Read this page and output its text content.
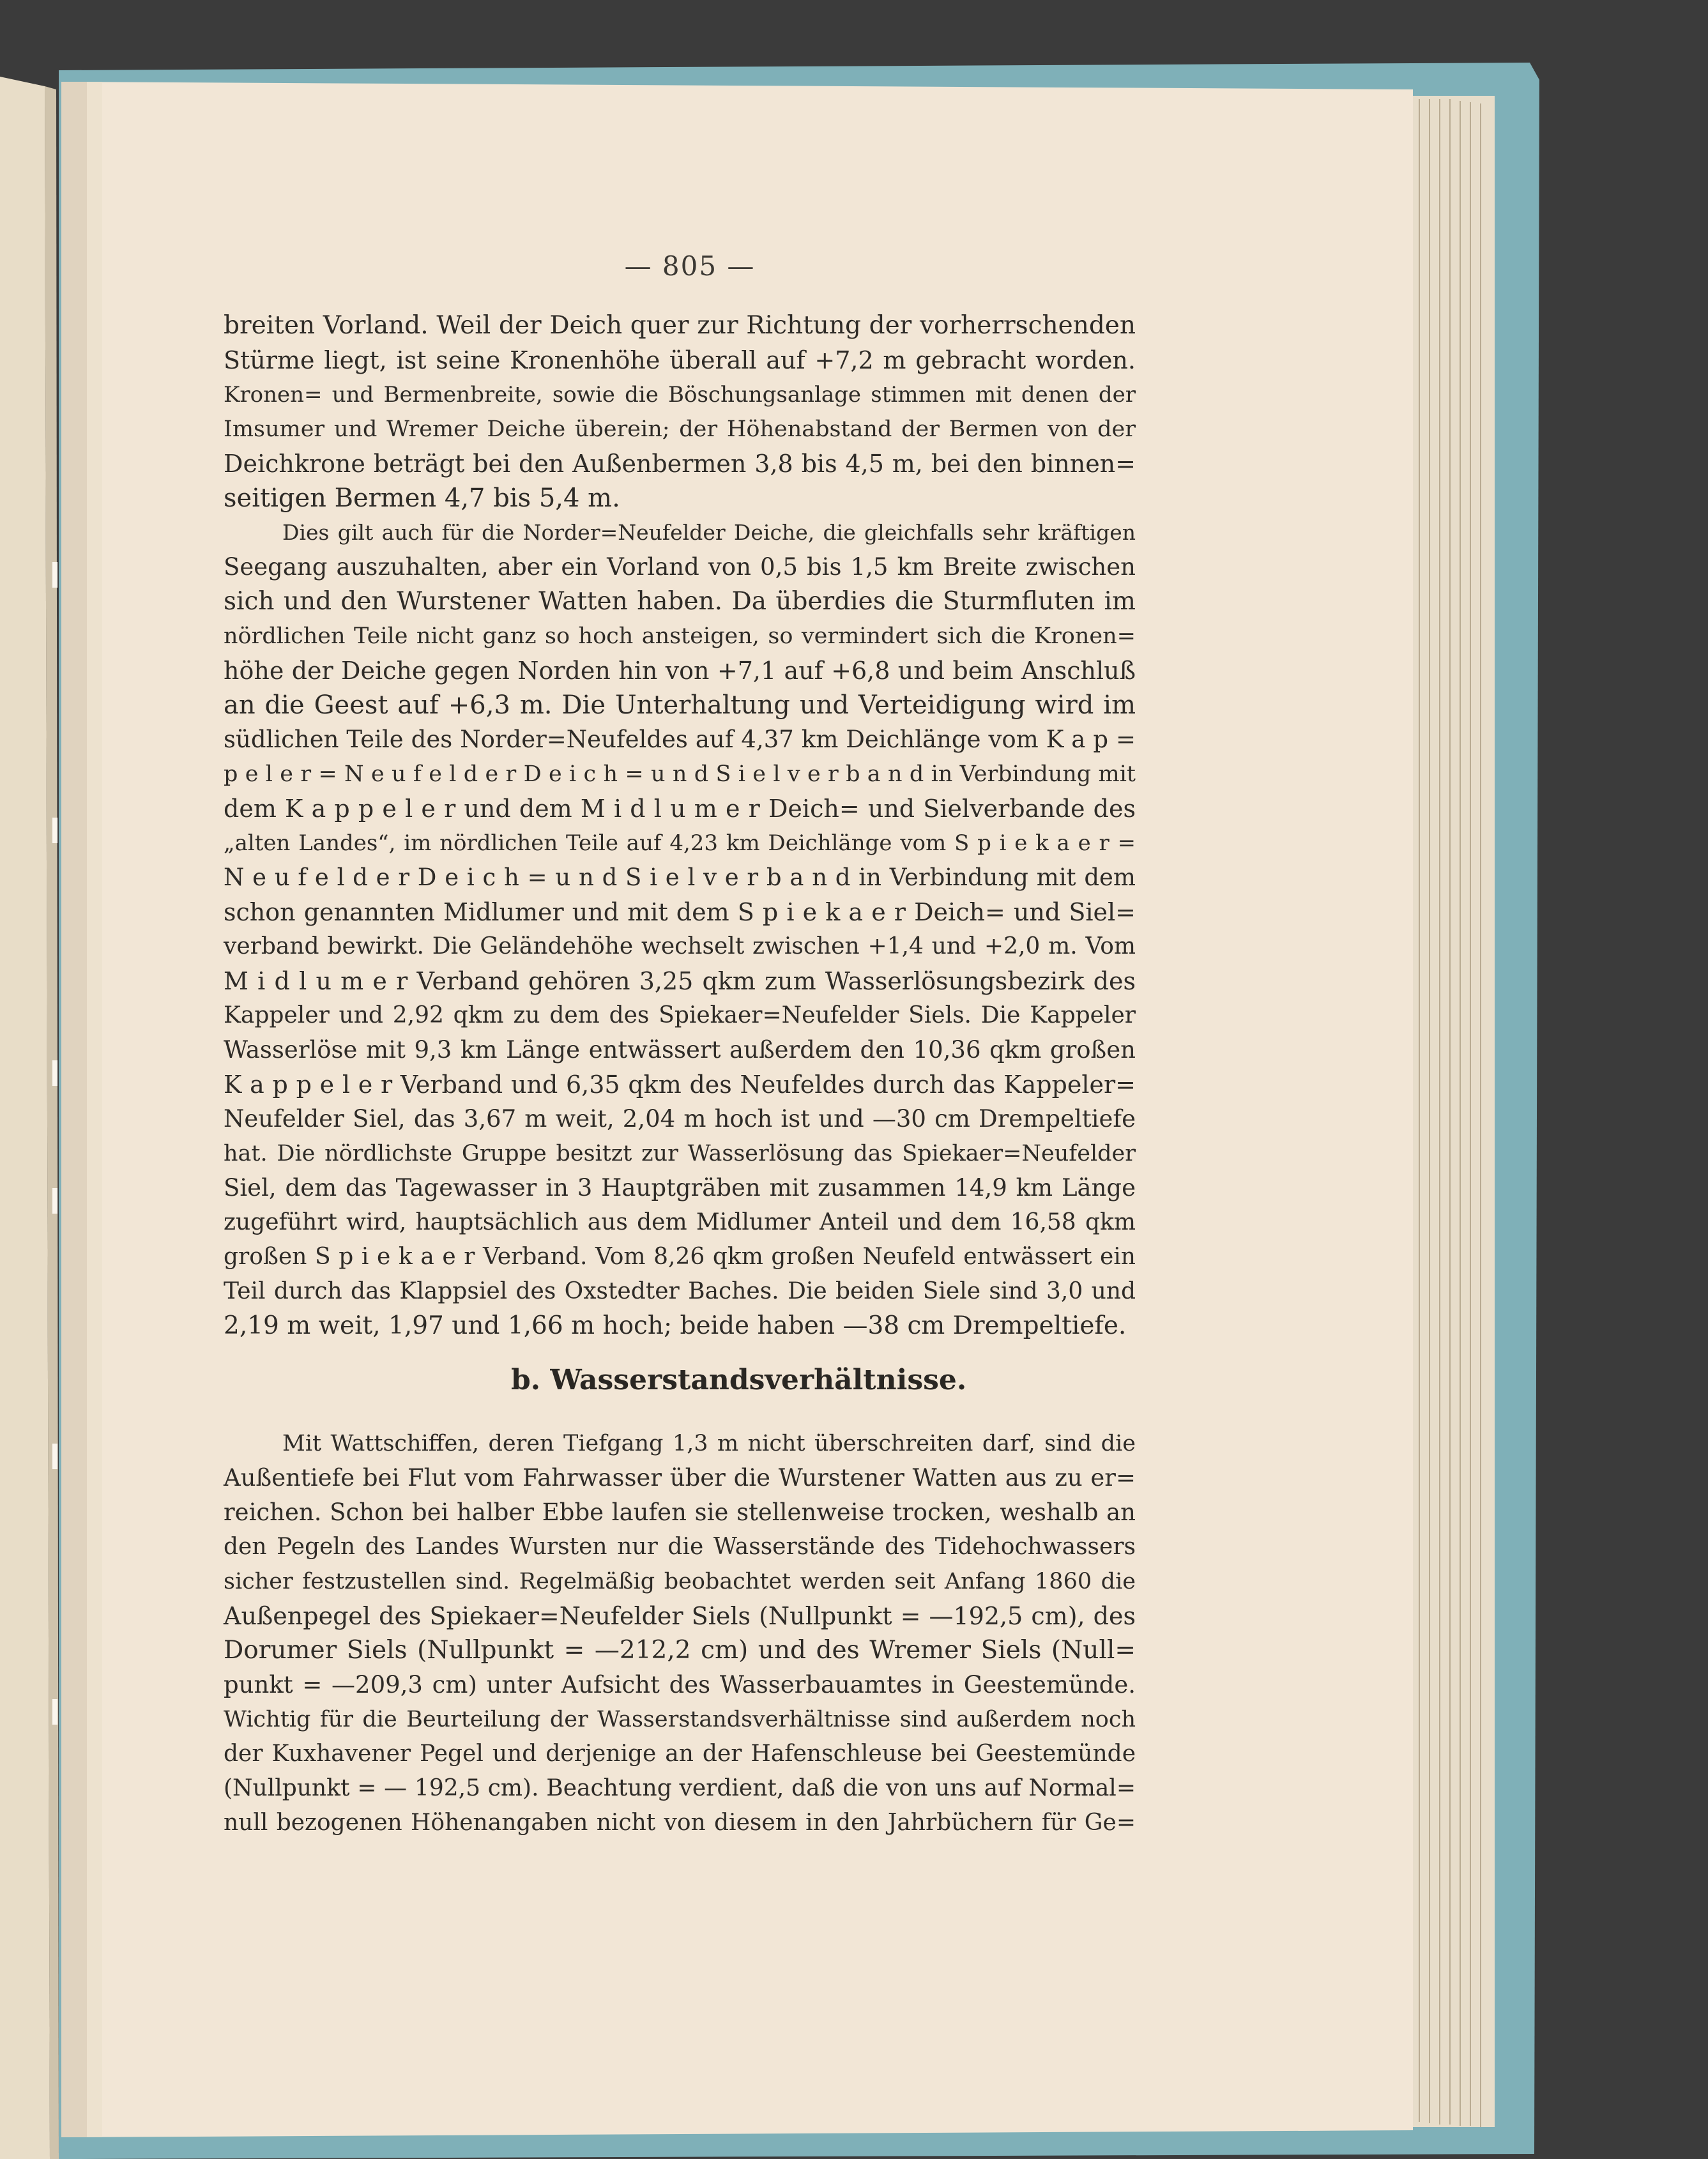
— 805 —
breiten Vorland. Weil der Deich quer zur Richtung der vorherrschenden
Stürme liegt, ist seine Kronenhöhe überall auf +7,2 m gebracht worden.
Kronen= und Bermenbreite, sowie die Böschungsanlage stimmen mit denen der
Imsumer und Wremer Deiche überein; der Höhenabstand der Bermen von der
Deichkrone beträgt bei den Außenbermen 3,8 bis 4,5 m, bei den binnen=
seitigen Bermen 4,7 bis 5,4 m.
Dies gilt auch für die Norder=Neufelder Deiche, die gleichfalls sehr kräftigen
Seegang auszuhalten, aber ein Vorland von 0,5 bis 1,5 km Breite zwischen
sich und den Wurstener Watten haben. Da überdies die Sturmfluten im
nördlichen Teile nicht ganz so hoch ansteigen, so vermindert sich die Kronen=
höhe der Deiche gegen Norden hin von +7,1 auf +6,8 und beim Anschluß
an die Geest auf +6,3 m. Die Unterhaltung und Verteidigung wird im
südlichen Teile des Norder=Neufeldes auf 4,37 km Deichlänge vom K a p =
p e l e r = N e u f e l d e r D e i c h = u n d S i e l v e r b a n d in Verbindung mit
dem K a p p e l e r und dem M i d l u m e r Deich= und Sielverbande des
„alten Landes“, im nördlichen Teile auf 4,23 km Deichlänge vom S p i e k a e r =
N e u f e l d e r D e i c h = u n d S i e l v e r b a n d in Verbindung mit dem
schon genannten Midlumer und mit dem S p i e k a e r Deich= und Siel=
verband bewirkt. Die Geländehöhe wechselt zwischen +1,4 und +2,0 m. Vom
M i d l u m e r Verband gehören 3,25 qkm zum Wasserlösungsbezirk des
Kappeler und 2,92 qkm zu dem des Spiekaer=Neufelder Siels. Die Kappeler
Wasserlöse mit 9,3 km Länge entwässert außerdem den 10,36 qkm großen
K a p p e l e r Verband und 6,35 qkm des Neufeldes durch das Kappeler=
Neufelder Siel, das 3,67 m weit, 2,04 m hoch ist und —30 cm Drempeltiefe
hat. Die nördlichste Gruppe besitzt zur Wasserlösung das Spiekaer=Neufelder
Siel, dem das Tagewasser in 3 Hauptgräben mit zusammen 14,9 km Länge
zugeführt wird, hauptsächlich aus dem Midlumer Anteil und dem 16,58 qkm
großen S p i e k a e r Verband. Vom 8,26 qkm großen Neufeld entwässert ein
Teil durch das Klappsiel des Oxstedter Baches. Die beiden Siele sind 3,0 und
2,19 m weit, 1,97 und 1,66 m hoch; beide haben —38 cm Drempeltiefe.
b. Wasserstandsverhältnisse.
Mit Wattschiffen, deren Tiefgang 1,3 m nicht überschreiten darf, sind die
Außentiefe bei Flut vom Fahrwasser über die Wurstener Watten aus zu er=
reichen. Schon bei halber Ebbe laufen sie stellenweise trocken, weshalb an
den Pegeln des Landes Wursten nur die Wasserstände des Tidehochwassers
sicher festzustellen sind. Regelmäßig beobachtet werden seit Anfang 1860 die
Außenpegel des Spiekaer=Neufelder Siels (Nullpunkt = —192,5 cm), des
Dorumer Siels (Nullpunkt = —212,2 cm) und des Wremer Siels (Null=
punkt = —209,3 cm) unter Aufsicht des Wasserbauamtes in Geestemünde.
Wichtig für die Beurteilung der Wasserstandsverhältnisse sind außerdem noch
der Kuxhavener Pegel und derjenige an der Hafenschleuse bei Geestemünde
(Nullpunkt = — 192,5 cm). Beachtung verdient, daß die von uns auf Normal=
null bezogenen Höhenangaben nicht von diesem in den Jahrbüchern für Ge=
